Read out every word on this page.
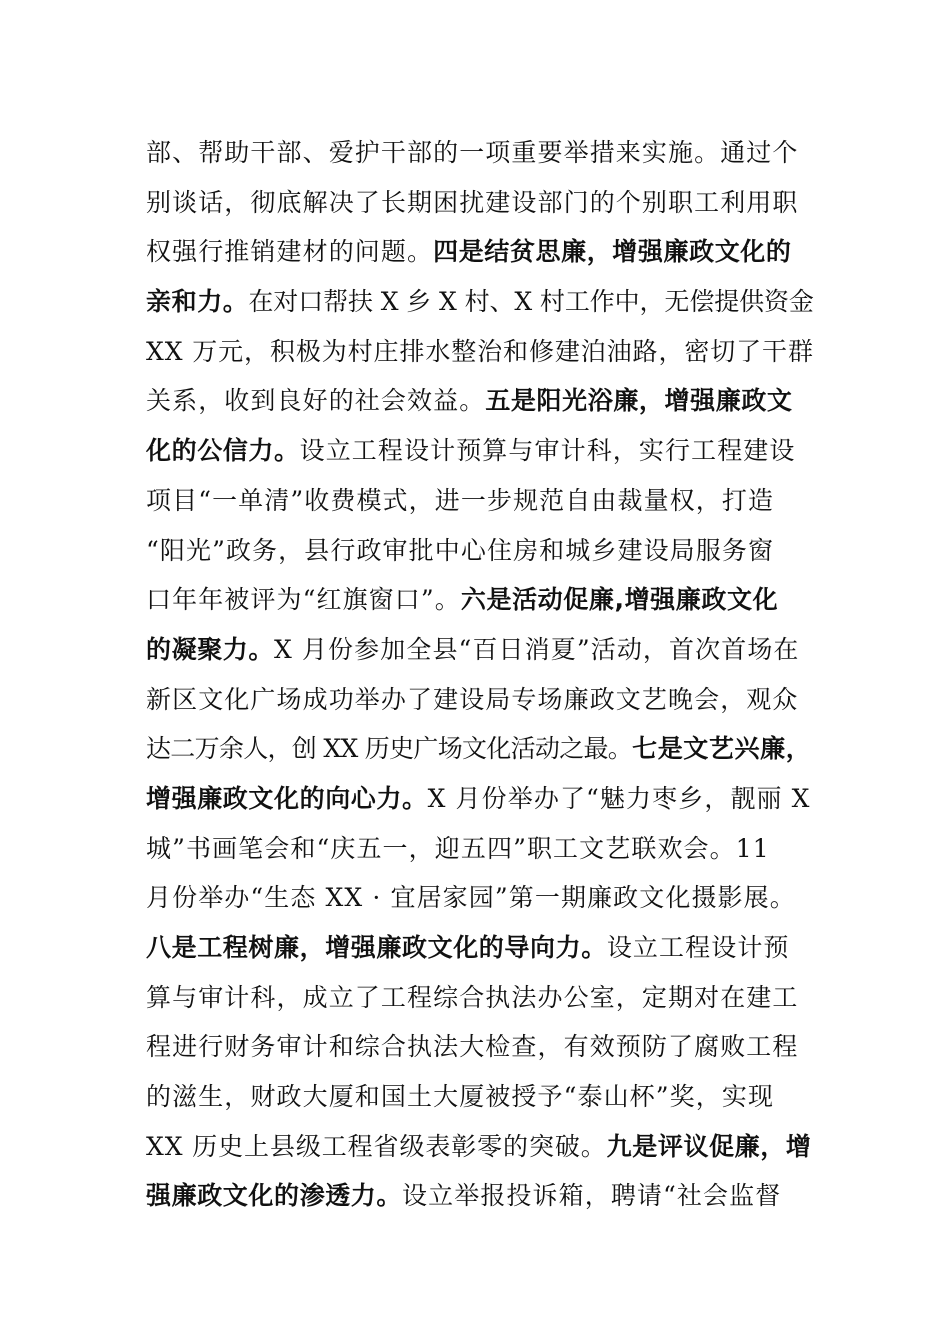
部、帮助干部、爱护干部的一项重要举措来实施。通过个
别谈话，彻底解决了长期困扰建设部门的个别职工利用职
权强行推销建材的问题。四是结贫思廉，增强廉政文化的
亲和力。在对口帮扶 X 乡 X 村、X 村工作中，无偿提供资金
XX 万元，积极为村庄排水整治和修建泊油路，密切了干群
关系，收到良好的社会效益。五是阳光浴廉，增强廉政文
化的公信力。设立工程设计预算与审计科，实行工程建设
项目“一单清”收费模式，进一步规范自由裁量权，打造
“阳光”政务，县行政审批中心住房和城乡建设局服务窗
口年年被评为“红旗窗口”。六是活动促廉,增强廉政文化
的凝聚力。X 月份参加全县“百日消夏”活动，首次首场在
新区文化广场成功举办了建设局专场廉政文艺晚会，观众
达二万余人，创 XX 历史广场文化活动之最。七是文艺兴廉，
增强廉政文化的向心力。X 月份举办了“魅力枣乡，靓丽 X
城”书画笔会和“庆五一，迎五四”职工文艺联欢会。11
月份举办“生态 XX · 宜居家园”第一期廉政文化摄影展。
八是工程树廉，增强廉政文化的导向力。设立工程设计预
算与审计科，成立了工程综合执法办公室，定期对在建工
程进行财务审计和综合执法大检查，有效预防了腐败工程
的滋生，财政大厦和国土大厦被授予“泰山杯”奖，实现
XX 历史上县级工程省级表彰零的突破。九是评议促廉，增
强廉政文化的渗透力。设立举报投诉箱，聘请“社会监督
